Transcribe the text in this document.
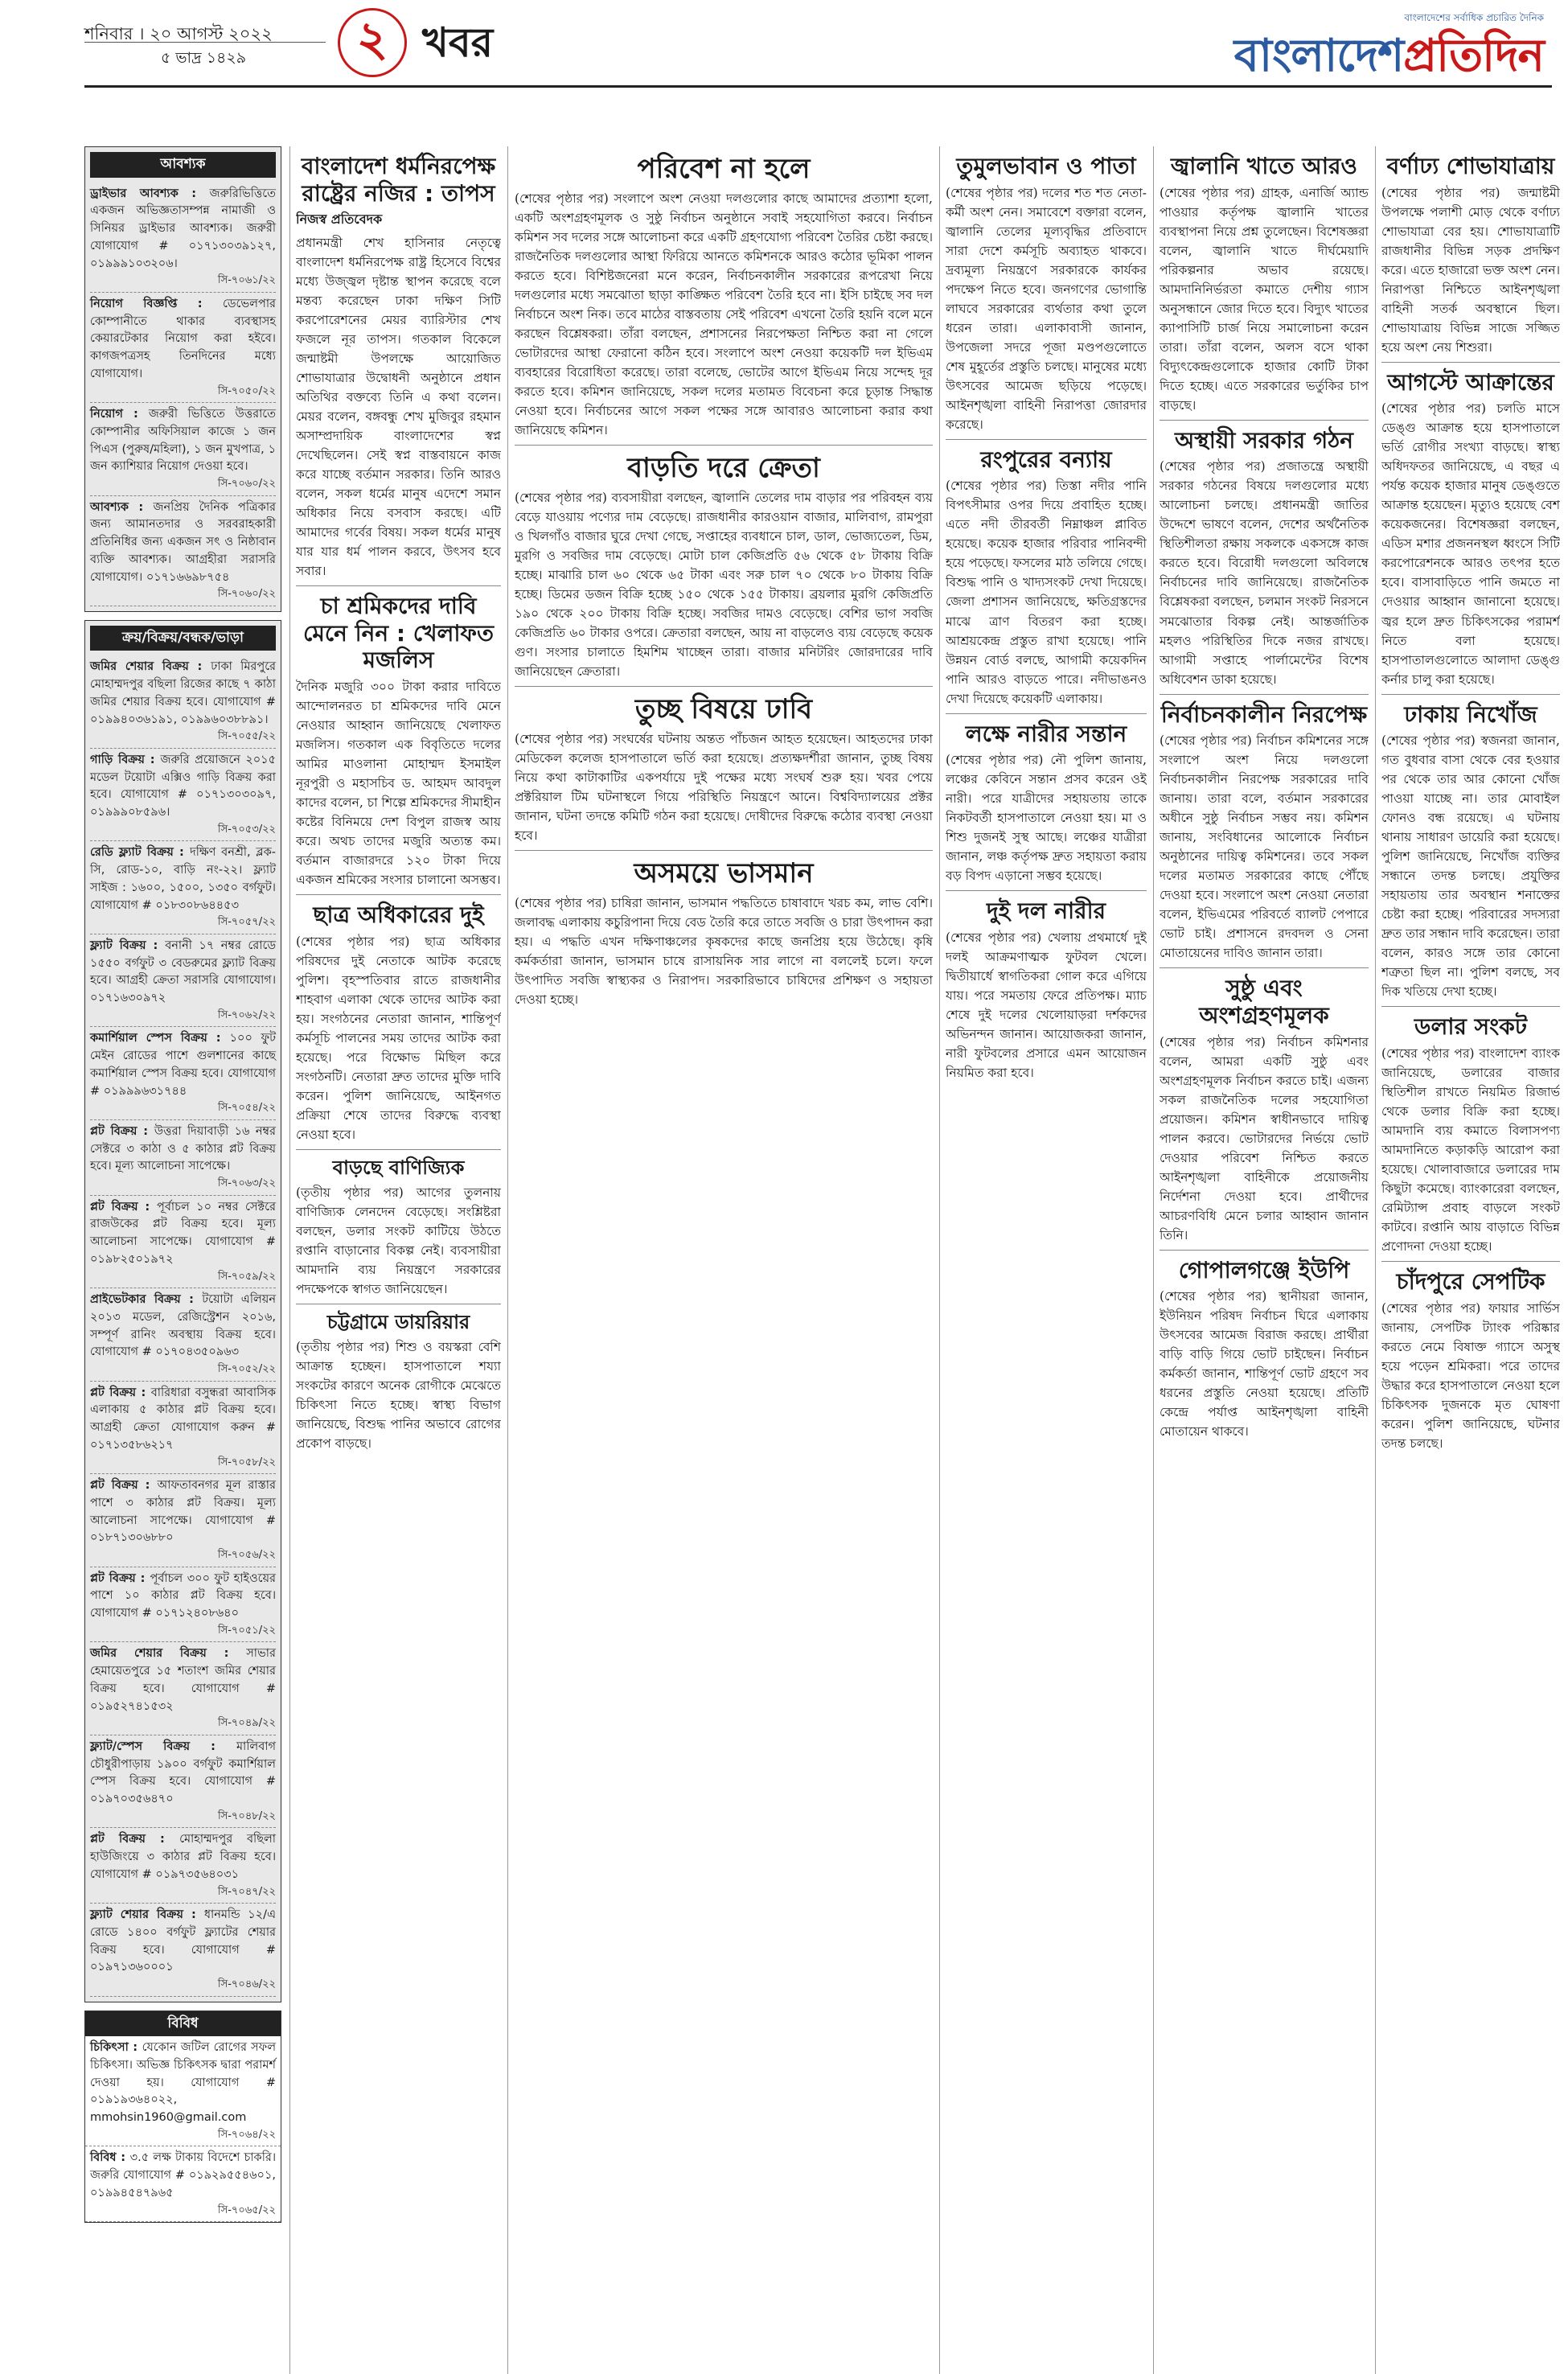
শনিবার । ২০ আগস্ট ২০২২
৫ ভাদ্র ১৪২৯	২ খবর
বাংলাদেশের সর্বাধিক প্রচারিত দৈনিক
বাংলাদেশপ্রতিদিন
আবশ্যক
ড্রাইভার আবশ্যক : জরুরিভিত্তিতে একজন অভিজ্ঞতাসম্পন্ন নামাজী ও সিনিয়র ড্রাইভার আবশ্যক। জরুরী যোগাযোগ # ০১৭১৩০৩৯১২৭, ০১৯৯৯১০৩২০৬।
সি-৭০৬১/২২
নিয়োগ বিজ্ঞপ্তি : ডেভেলপার কোম্পানীতে থাকার ব্যবস্থাসহ কেয়ারটেকার নিয়োগ করা হইবে। কাগজপত্রসহ তিনদিনের মধ্যে যোগাযোগ।
সি-৭০৫০/২২
নিয়োগ : জরুরী ভিত্তিতে উত্তরাতে কোম্পানীর অফিসিয়াল কাজে ১ জন পিএস (পুরুষ/মহিলা), ১ জন মুখপাত্র, ১ জন ক্যাশিয়ার নিয়োগ দেওয়া হবে।
সি-৭০৬০/২২
আবশ্যক : জনপ্রিয় দৈনিক পত্রিকার জন্য আমানতদার ও সরবরাহকারী প্রতিনিধির জন্য একজন সৎ ও নিষ্ঠাবান ব্যক্তি আবশ্যক। আগ্রহীরা সরাসরি যোগাযোগ। ০১৭১৬৬৯৮৭৫৪
সি-৭০৬০/২২
ক্রয়/বিক্রয়/বন্ধক/ভাড়া
জমির শেয়ার বিক্রয় : ঢাকা মিরপুরে মোহাম্মদপুর বছিলা রিজের কাছে ৭ কাঠা জমির শেয়ার বিক্রয় হবে। যোগাযোগ # ০১৯৯৪০৩৬১৯১, ০১৯৯৬০৩৮৮৯১।
সি-৭০৫৫/২২
গাড়ি বিক্রয় : জরুরি প্রয়োজনে ২০১৫ মডেল টয়োটা এক্সিও গাড়ি বিক্রয় করা হবে। যোগাযোগ # ০১৭১৩০৩০৯৭, ০১৯৯৯০৮৫৯৬।
সি-৭০৫৩/২২
রেডি ফ্ল্যাট বিক্রয় : দক্ষিণ বনশ্রী, ব্লক- সি, রোড-১০, বাড়ি নং-২২। ফ্ল্যাট সাইজ : ১৬০০, ১৫০০, ১৩৫০ বর্গফুট। যোগাযোগ # ০১৮৩০৮৬৪৪৫৩
সি-৭০৫৭/২২
ফ্ল্যাট বিক্রয় : বনানী ১৭ নম্বর রোডে ১৫৫০ বর্গফুট ৩ বেডরুমের ফ্ল্যাট বিক্রয় হবে। আগ্রহী ক্রেতা সরাসরি যোগাযোগ। ০১৭১৬৩০৯৭২
সি-৭০৬২/২২
কমার্শিয়াল স্পেস বিক্রয় : ১০০ ফুট মেইন রোডের পাশে গুলশানের কাছে কমার্শিয়াল স্পেস বিক্রয় হবে। যোগাযোগ # ০১৯৯৯৬৩১৭৪৪
সি-৭০৫৪/২২
প্লট বিক্রয় : উত্তরা দিয়াবাড়ী ১৬ নম্বর সেক্টরে ৩ কাঠা ও ৫ কাঠার প্লট বিক্রয় হবে। মূল্য আলোচনা সাপেক্ষে।
সি-৭০৬৩/২২
প্লট বিক্রয় : পূর্বাচল ১০ নম্বর সেক্টরে রাজউকের প্লট বিক্রয় হবে। মূল্য আলোচনা সাপেক্ষে। যোগাযোগ # ০১৯৮২৫০১৯৭২
সি-৭০৫৯/২২
প্রাইভেটকার বিক্রয় : টয়োটা এলিয়ন ২০১৩ মডেল, রেজিস্ট্রেশন ২০১৬, সম্পূর্ণ রানিং অবস্থায় বিক্রয় হবে। যোগাযোগ # ০১৭০৪৩৫০৯৬৩
সি-৭০৫২/২২
প্লট বিক্রয় : বারিধারা বসুন্ধরা আবাসিক এলাকায় ৫ কাঠার প্লট বিক্রয় হবে। আগ্রহী ক্রেতা যোগাযোগ করুন # ০১৭১৩৫৮৬২১৭
সি-৭০৫৮/২২
প্লট বিক্রয় : আফতাবনগর মূল রাস্তার পাশে ৩ কাঠার প্লট বিক্রয়। মূল্য আলোচনা সাপেক্ষে। যোগাযোগ # ০১৮৭১৩০৬৮৮০
সি-৭০৫৬/২২
প্লট বিক্রয় : পূর্বাচল ৩০০ ফুট হাইওয়ের পাশে ১০ কাঠার প্লট বিক্রয় হবে। যোগাযোগ # ০১৭১২৪০৮৬৪০
সি-৭০৫১/২২
জমির শেয়ার বিক্রয় : সাভার হেমায়েতপুরে ১৫ শতাংশ জমির শেয়ার বিক্রয় হবে। যোগাযোগ # ০১৯৫২৭৪১৫৩২
সি-৭০৪৯/২২
ফ্ল্যাট/স্পেস বিক্রয় : মালিবাগ চৌধুরীপাড়ায় ১৯০০ বর্গফুট কমার্শিয়াল স্পেস বিক্রয় হবে। যোগাযোগ # ০১৯৭০৩৫৬৪৭০
সি-৭০৪৮/২২
প্লট বিক্রয় : মোহাম্মদপুর বছিলা হাউজিংয়ে ৩ কাঠার প্লট বিক্রয় হবে। যোগাযোগ # ০১৯৭৩৫৬৪০৩১
সি-৭০৪৭/২২
ফ্ল্যাট শেয়ার বিক্রয় : ধানমন্ডি ১২/এ রোডে ১৪০০ বর্গফুট ফ্ল্যাটের শেয়ার বিক্রয় হবে। যোগাযোগ # ০১৯৭১৩৬০০০১
সি-৭০৪৬/২২
বিবিধ
চিকিৎসা : যেকোন জটিল রোগের সফল চিকিৎসা। অভিজ্ঞ চিকিৎসক দ্বারা পরামর্শ দেওয়া হয়। যোগাযোগ # ০১৯১৯৩৬৪০২২, mmohsin1960@gmail.com
সি-৭০৬৪/২২
বিবিধ : ৩.৫ লক্ষ টাকায় বিদেশে চাকরি। জরুরি যোগাযোগ # ০১৯২৯৫৫৪৬০১, ০১৯৯৪৫৪৭৯৬৫
সি-৭০৬৫/২২
বাংলাদেশ ধর্মনিরপেক্ষ রাষ্ট্রের নজির : তাপস
নিজস্ব প্রতিবেদক

প্রধানমন্ত্রী শেখ হাসিনার নেতৃত্বে বাংলাদেশ ধর্মনিরপেক্ষ রাষ্ট্র হিসেবে বিশ্বের মধ্যে উজ্জ্বল দৃষ্টান্ত স্থাপন করেছে বলে মন্তব্য করেছেন ঢাকা দক্ষিণ সিটি করপোরেশনের মেয়র ব্যারিস্টার শেখ ফজলে নূর তাপস। গতকাল বিকেলে জন্মাষ্টমী উপলক্ষে আয়োজিত শোভাযাত্রার উদ্বোধনী অনুষ্ঠানে প্রধান অতিথির বক্তব্যে তিনি এ কথা বলেন। মেয়র বলেন, বঙ্গবন্ধু শেখ মুজিবুর রহমান অসাম্প্রদায়িক বাংলাদেশের স্বপ্ন দেখেছিলেন। সেই স্বপ্ন বাস্তবায়নে কাজ করে যাচ্ছে বর্তমান সরকার। তিনি আরও বলেন, সকল ধর্মের মানুষ এদেশে সমান অধিকার নিয়ে বসবাস করছে। এটি আমাদের গর্বের বিষয়। সকল ধর্মের মানুষ যার যার ধর্ম পালন করবে, উৎসব হবে সবার।

চা শ্রমিকদের দাবি মেনে নিন : খেলাফত মজলিস

দৈনিক মজুরি ৩০০ টাকা করার দাবিতে আন্দোলনরত চা শ্রমিকদের দাবি মেনে নেওয়ার আহ্বান জানিয়েছে খেলাফত মজলিস। গতকাল এক বিবৃতিতে দলের আমির মাওলানা মোহাম্মদ ইসমাইল নূরপুরী ও মহাসচিব ড. আহমদ আবদুল কাদের বলেন, চা শিল্পে শ্রমিকদের সীমাহীন কষ্টের বিনিময়ে দেশ বিপুল রাজস্ব আয় করে। অথচ তাদের মজুরি অত্যন্ত কম। বর্তমান বাজারদরে ১২০ টাকা দিয়ে একজন শ্রমিকের সংসার চালানো অসম্ভব।

ছাত্র অধিকারের দুই

(শেষের পৃষ্ঠার পর) ছাত্র অধিকার পরিষদের দুই নেতাকে আটক করেছে পুলিশ। বৃহস্পতিবার রাতে রাজধানীর শাহবাগ এলাকা থেকে তাদের আটক করা হয়। সংগঠনের নেতারা জানান, শান্তিপূর্ণ কর্মসূচি পালনের সময় তাদের আটক করা হয়েছে। পরে বিক্ষোভ মিছিল করে সংগঠনটি। নেতারা দ্রুত তাদের মুক্তি দাবি করেন। পুলিশ জানিয়েছে, আইনগত প্রক্রিয়া শেষে তাদের বিরুদ্ধে ব্যবস্থা নেওয়া হবে।

বাড়ছে বাণিজ্যিক

(তৃতীয় পৃষ্ঠার পর) আগের তুলনায় বাণিজ্যিক লেনদেন বেড়েছে। সংশ্লিষ্টরা বলছেন, ডলার সংকট কাটিয়ে উঠতে রপ্তানি বাড়ানোর বিকল্প নেই। ব্যবসায়ীরা আমদানি ব্যয় নিয়ন্ত্রণে সরকারের পদক্ষেপকে স্বাগত জানিয়েছেন।

চট্টগ্রামে ডায়রিয়ার

(তৃতীয় পৃষ্ঠার পর) শিশু ও বয়স্করা বেশি আক্রান্ত হচ্ছেন। হাসপাতালে শয্যা সংকটের কারণে অনেক রোগীকে মেঝেতে চিকিৎসা নিতে হচ্ছে। স্বাস্থ্য বিভাগ জানিয়েছে, বিশুদ্ধ পানির অভাবে রোগের প্রকোপ বাড়ছে।

পরিবেশ না হলে

(শেষের পৃষ্ঠার পর) সংলাপে অংশ নেওয়া দলগুলোর কাছে আমাদের প্রত্যাশা হলো, একটি অংশগ্রহণমূলক ও সুষ্ঠু নির্বাচন অনুষ্ঠানে সবাই সহযোগিতা করবে। নির্বাচন কমিশন সব দলের সঙ্গে আলোচনা করে একটি গ্রহণযোগ্য পরিবেশ তৈরির চেষ্টা করছে। রাজনৈতিক দলগুলোর আস্থা ফিরিয়ে আনতে কমিশনকে আরও কঠোর ভূমিকা পালন করতে হবে। বিশিষ্টজনেরা মনে করেন, নির্বাচনকালীন সরকারের রূপরেখা নিয়ে দলগুলোর মধ্যে সমঝোতা ছাড়া কাঙ্ক্ষিত পরিবেশ তৈরি হবে না। ইসি চাইছে সব দল নির্বাচনে অংশ নিক। তবে মাঠের বাস্তবতায় সেই পরিবেশ এখনো তৈরি হয়নি বলে মনে করছেন বিশ্লেষকরা। তাঁরা বলছেন, প্রশাসনের নিরপেক্ষতা নিশ্চিত করা না গেলে ভোটারদের আস্থা ফেরানো কঠিন হবে। সংলাপে অংশ নেওয়া কয়েকটি দল ইভিএম ব্যবহারের বিরোধিতা করেছে। তারা বলেছে, ভোটের আগে ইভিএম নিয়ে সন্দেহ দূর করতে হবে। কমিশন জানিয়েছে, সকল দলের মতামত বিবেচনা করে চূড়ান্ত সিদ্ধান্ত নেওয়া হবে। নির্বাচনের আগে সকল পক্ষের সঙ্গে আবারও আলোচনা করার কথা জানিয়েছে কমিশন।

বাড়তি দরে ক্রেতা

(শেষের পৃষ্ঠার পর) ব্যবসায়ীরা বলছেন, জ্বালানি তেলের দাম বাড়ার পর পরিবহন ব্যয় বেড়ে যাওয়ায় পণ্যের দাম বেড়েছে। রাজধানীর কারওয়ান বাজার, মালিবাগ, রামপুরা ও খিলগাঁও বাজার ঘুরে দেখা গেছে, সপ্তাহের ব্যবধানে চাল, ডাল, ভোজ্যতেল, ডিম, মুরগি ও সবজির দাম বেড়েছে। মোটা চাল কেজিপ্রতি ৫৬ থেকে ৫৮ টাকায় বিক্রি হচ্ছে। মাঝারি চাল ৬০ থেকে ৬৫ টাকা এবং সরু চাল ৭০ থেকে ৮০ টাকায় বিক্রি হচ্ছে। ডিমের ডজন বিক্রি হচ্ছে ১৫০ থেকে ১৫৫ টাকায়। ব্রয়লার মুরগি কেজিপ্রতি ১৯০ থেকে ২০০ টাকায় বিক্রি হচ্ছে। সবজির দামও বেড়েছে। বেশির ভাগ সবজি কেজিপ্রতি ৬০ টাকার ওপরে। ক্রেতারা বলছেন, আয় না বাড়লেও ব্যয় বেড়েছে কয়েক গুণ। সংসার চালাতে হিমশিম খাচ্ছেন তারা। বাজার মনিটরিং জোরদারের দাবি জানিয়েছেন ক্রেতারা।

তুচ্ছ বিষয়ে ঢাবি

(শেষের পৃষ্ঠার পর) সংঘর্ষের ঘটনায় অন্তত পাঁচজন আহত হয়েছেন। আহতদের ঢাকা মেডিকেল কলেজ হাসপাতালে ভর্তি করা হয়েছে। প্রত্যক্ষদর্শীরা জানান, তুচ্ছ বিষয় নিয়ে কথা কাটাকাটির একপর্যায়ে দুই পক্ষের মধ্যে সংঘর্ষ শুরু হয়। খবর পেয়ে প্রক্টরিয়াল টিম ঘটনাস্থলে গিয়ে পরিস্থিতি নিয়ন্ত্রণে আনে। বিশ্ববিদ্যালয়ের প্রক্টর জানান, ঘটনা তদন্তে কমিটি গঠন করা হয়েছে। দোষীদের বিরুদ্ধে কঠোর ব্যবস্থা নেওয়া হবে।

অসময়ে ভাসমান

(শেষের পৃষ্ঠার পর) চাষিরা জানান, ভাসমান পদ্ধতিতে চাষাবাদে খরচ কম, লাভ বেশি। জলাবদ্ধ এলাকায় কচুরিপানা দিয়ে বেড তৈরি করে তাতে সবজি ও চারা উৎপাদন করা হয়। এ পদ্ধতি এখন দক্ষিণাঞ্চলের কৃষকদের কাছে জনপ্রিয় হয়ে উঠেছে। কৃষি কর্মকর্তারা জানান, ভাসমান চাষে রাসায়নিক সার লাগে না বললেই চলে। ফলে উৎপাদিত সবজি স্বাস্থ্যকর ও নিরাপদ। সরকারিভাবে চাষিদের প্রশিক্ষণ ও সহায়তা দেওয়া হচ্ছে।

তুমুলভাবান ও পাতা

(শেষের পৃষ্ঠার পর) দলের শত শত নেতা-কর্মী অংশ নেন। সমাবেশে বক্তারা বলেন, জ্বালানি তেলের মূল্যবৃদ্ধির প্রতিবাদে সারা দেশে কর্মসূচি অব্যাহত থাকবে। দ্রব্যমূল্য নিয়ন্ত্রণে সরকারকে কার্যকর পদক্ষেপ নিতে হবে। জনগণের ভোগান্তি লাঘবে সরকারের ব্যর্থতার কথা তুলে ধরেন তারা। এলাকাবাসী জানান, উপজেলা সদরে পূজা মণ্ডপগুলোতে শেষ মুহূর্তের প্রস্তুতি চলছে। মানুষের মধ্যে উৎসবের আমেজ ছড়িয়ে পড়েছে। আইনশৃঙ্খলা বাহিনী নিরাপত্তা জোরদার করেছে।

রংপুরের বন্যায়

(শেষের পৃষ্ঠার পর) তিস্তা নদীর পানি বিপৎসীমার ওপর দিয়ে প্রবাহিত হচ্ছে। এতে নদী তীরবর্তী নিম্নাঞ্চল প্লাবিত হয়েছে। কয়েক হাজার পরিবার পানিবন্দী হয়ে পড়েছে। ফসলের মাঠ তলিয়ে গেছে। বিশুদ্ধ পানি ও খাদ্যসংকট দেখা দিয়েছে। জেলা প্রশাসন জানিয়েছে, ক্ষতিগ্রস্তদের মাঝে ত্রাণ বিতরণ করা হচ্ছে। আশ্রয়কেন্দ্র প্রস্তুত রাখা হয়েছে। পানি উন্নয়ন বোর্ড বলছে, আগামী কয়েকদিন পানি আরও বাড়তে পারে। নদীভাঙনও দেখা দিয়েছে কয়েকটি এলাকায়।

লক্ষে নারীর সন্তান

(শেষের পৃষ্ঠার পর) নৌ পুলিশ জানায়, লঞ্চের কেবিনে সন্তান প্রসব করেন ওই নারী। পরে যাত্রীদের সহায়তায় তাকে নিকটবর্তী হাসপাতালে নেওয়া হয়। মা ও শিশু দুজনই সুস্থ আছে। লঞ্চের যাত্রীরা জানান, লঞ্চ কর্তৃপক্ষ দ্রুত সহায়তা করায় বড় বিপদ এড়ানো সম্ভব হয়েছে।

দুই দল নারীর

(শেষের পৃষ্ঠার পর) খেলায় প্রথমার্ধে দুই দলই আক্রমণাত্মক ফুটবল খেলে। দ্বিতীয়ার্ধে স্বাগতিকরা গোল করে এগিয়ে যায়। পরে সমতায় ফেরে প্রতিপক্ষ। ম্যাচ শেষে দুই দলের খেলোয়াড়রা দর্শকদের অভিনন্দন জানান। আয়োজকরা জানান, নারী ফুটবলের প্রসারে এমন আয়োজন নিয়মিত করা হবে।

জ্বালানি খাতে আরও

(শেষের পৃষ্ঠার পর) গ্রাহক, এনার্জি অ্যান্ড পাওয়ার কর্তৃপক্ষ জ্বালানি খাতের ব্যবস্থাপনা নিয়ে প্রশ্ন তুলেছেন। বিশেষজ্ঞরা বলেন, জ্বালানি খাতে দীর্ঘমেয়াদি পরিকল্পনার অভাব রয়েছে। আমদানিনির্ভরতা কমাতে দেশীয় গ্যাস অনুসন্ধানে জোর দিতে হবে। বিদ্যুৎ খাতের ক্যাপাসিটি চার্জ নিয়ে সমালোচনা করেন তারা। তাঁরা বলেন, অলস বসে থাকা বিদ্যুৎকেন্দ্রগুলোকে হাজার কোটি টাকা দিতে হচ্ছে। এতে সরকারের ভর্তুকির চাপ বাড়ছে।

অস্থায়ী সরকার গঠন

(শেষের পৃষ্ঠার পর) প্রজাতন্ত্রে অস্থায়ী সরকার গঠনের বিষয়ে দলগুলোর মধ্যে আলোচনা চলছে। প্রধানমন্ত্রী জাতির উদ্দেশে ভাষণে বলেন, দেশের অর্থনৈতিক স্থিতিশীলতা রক্ষায় সকলকে একসঙ্গে কাজ করতে হবে। বিরোধী দলগুলো অবিলম্বে নির্বাচনের দাবি জানিয়েছে। রাজনৈতিক বিশ্লেষকরা বলছেন, চলমান সংকট নিরসনে সমঝোতার বিকল্প নেই। আন্তর্জাতিক মহলও পরিস্থিতির দিকে নজর রাখছে। আগামী সপ্তাহে পার্লামেন্টের বিশেষ অধিবেশন ডাকা হয়েছে।

নির্বাচনকালীন নিরপেক্ষ

(শেষের পৃষ্ঠার পর) নির্বাচন কমিশনের সঙ্গে সংলাপে অংশ নিয়ে দলগুলো নির্বাচনকালীন নিরপেক্ষ সরকারের দাবি জানায়। তারা বলে, বর্তমান সরকারের অধীনে সুষ্ঠু নির্বাচন সম্ভব নয়। কমিশন জানায়, সংবিধানের আলোকে নির্বাচন অনুষ্ঠানের দায়িত্ব কমিশনের। তবে সকল দলের মতামত সরকারের কাছে পৌঁছে দেওয়া হবে। সংলাপে অংশ নেওয়া নেতারা বলেন, ইভিএমের পরিবর্তে ব্যালট পেপারে ভোট চাই। প্রশাসনে রদবদল ও সেনা মোতায়েনের দাবিও জানান তারা।

সুষ্ঠু এবং অংশগ্রহণমূলক

(শেষের পৃষ্ঠার পর) নির্বাচন কমিশনার বলেন, আমরা একটি সুষ্ঠু এবং অংশগ্রহণমূলক নির্বাচন করতে চাই। এজন্য সকল রাজনৈতিক দলের সহযোগিতা প্রয়োজন। কমিশন স্বাধীনভাবে দায়িত্ব পালন করবে। ভোটারদের নির্ভয়ে ভোট দেওয়ার পরিবেশ নিশ্চিত করতে আইনশৃঙ্খলা বাহিনীকে প্রয়োজনীয় নির্দেশনা দেওয়া হবে। প্রার্থীদের আচরণবিধি মেনে চলার আহ্বান জানান তিনি।

গোপালগঞ্জে ইউপি

(শেষের পৃষ্ঠার পর) স্থানীয়রা জানান, ইউনিয়ন পরিষদ নির্বাচন ঘিরে এলাকায় উৎসবের আমেজ বিরাজ করছে। প্রার্থীরা বাড়ি বাড়ি গিয়ে ভোট চাইছেন। নির্বাচন কর্মকর্তা জানান, শান্তিপূর্ণ ভোট গ্রহণে সব ধরনের প্রস্তুতি নেওয়া হয়েছে। প্রতিটি কেন্দ্রে পর্যাপ্ত আইনশৃঙ্খলা বাহিনী মোতায়েন থাকবে।

বর্ণাঢ্য শোভাযাত্রায়

(শেষের পৃষ্ঠার পর) জন্মাষ্টমী উপলক্ষে পলাশী মোড় থেকে বর্ণাঢ্য শোভাযাত্রা বের হয়। শোভাযাত্রাটি রাজধানীর বিভিন্ন সড়ক প্রদক্ষিণ করে। এতে হাজারো ভক্ত অংশ নেন। নিরাপত্তা নিশ্চিতে আইনশৃঙ্খলা বাহিনী সতর্ক অবস্থানে ছিল। শোভাযাত্রায় বিভিন্ন সাজে সজ্জিত হয়ে অংশ নেয় শিশুরা।

আগস্টে আক্রান্তের

(শেষের পৃষ্ঠার পর) চলতি মাসে ডেঙ্গু আক্রান্ত হয়ে হাসপাতালে ভর্তি রোগীর সংখ্যা বাড়ছে। স্বাস্থ্য অধিদফতর জানিয়েছে, এ বছর এ পর্যন্ত কয়েক হাজার মানুষ ডেঙ্গুতে আক্রান্ত হয়েছেন। মৃত্যুও হয়েছে বেশ কয়েকজনের। বিশেষজ্ঞরা বলছেন, এডিস মশার প্রজননস্থল ধ্বংসে সিটি করপোরেশনকে আরও তৎপর হতে হবে। বাসাবাড়িতে পানি জমতে না দেওয়ার আহ্বান জানানো হয়েছে। জ্বর হলে দ্রুত চিকিৎসকের পরামর্শ নিতে বলা হয়েছে। হাসপাতালগুলোতে আলাদা ডেঙ্গু কর্নার চালু করা হয়েছে।

ঢাকায় নিখোঁজ

(শেষের পৃষ্ঠার পর) স্বজনরা জানান, গত বুধবার বাসা থেকে বের হওয়ার পর থেকে তার আর কোনো খোঁজ পাওয়া যাচ্ছে না। তার মোবাইল ফোনও বন্ধ রয়েছে। এ ঘটনায় থানায় সাধারণ ডায়েরি করা হয়েছে। পুলিশ জানিয়েছে, নিখোঁজ ব্যক্তির সন্ধানে তদন্ত চলছে। প্রযুক্তির সহায়তায় তার অবস্থান শনাক্তের চেষ্টা করা হচ্ছে। পরিবারের সদস্যরা দ্রুত তার সন্ধান দাবি করেছেন। তারা বলেন, কারও সঙ্গে তার কোনো শত্রুতা ছিল না। পুলিশ বলছে, সব দিক খতিয়ে দেখা হচ্ছে।

ডলার সংকট

(শেষের পৃষ্ঠার পর) বাংলাদেশ ব্যাংক জানিয়েছে, ডলারের বাজার স্থিতিশীল রাখতে নিয়মিত রিজার্ভ থেকে ডলার বিক্রি করা হচ্ছে। আমদানি ব্যয় কমাতে বিলাসপণ্য আমদানিতে কড়াকড়ি আরোপ করা হয়েছে। খোলাবাজারে ডলারের দাম কিছুটা কমেছে। ব্যাংকারেরা বলছেন, রেমিট্যান্স প্রবাহ বাড়লে সংকট কাটবে। রপ্তানি আয় বাড়াতে বিভিন্ন প্রণোদনা দেওয়া হচ্ছে।

চাঁদপুরে সেপটিক

(শেষের পৃষ্ঠার পর) ফায়ার সার্ভিস জানায়, সেপটিক ট্যাংক পরিষ্কার করতে নেমে বিষাক্ত গ্যাসে অসুস্থ হয়ে পড়েন শ্রমিকরা। পরে তাদের উদ্ধার করে হাসপাতালে নেওয়া হলে চিকিৎসক দুজনকে মৃত ঘোষণা করেন। পুলিশ জানিয়েছে, ঘটনার তদন্ত চলছে।
